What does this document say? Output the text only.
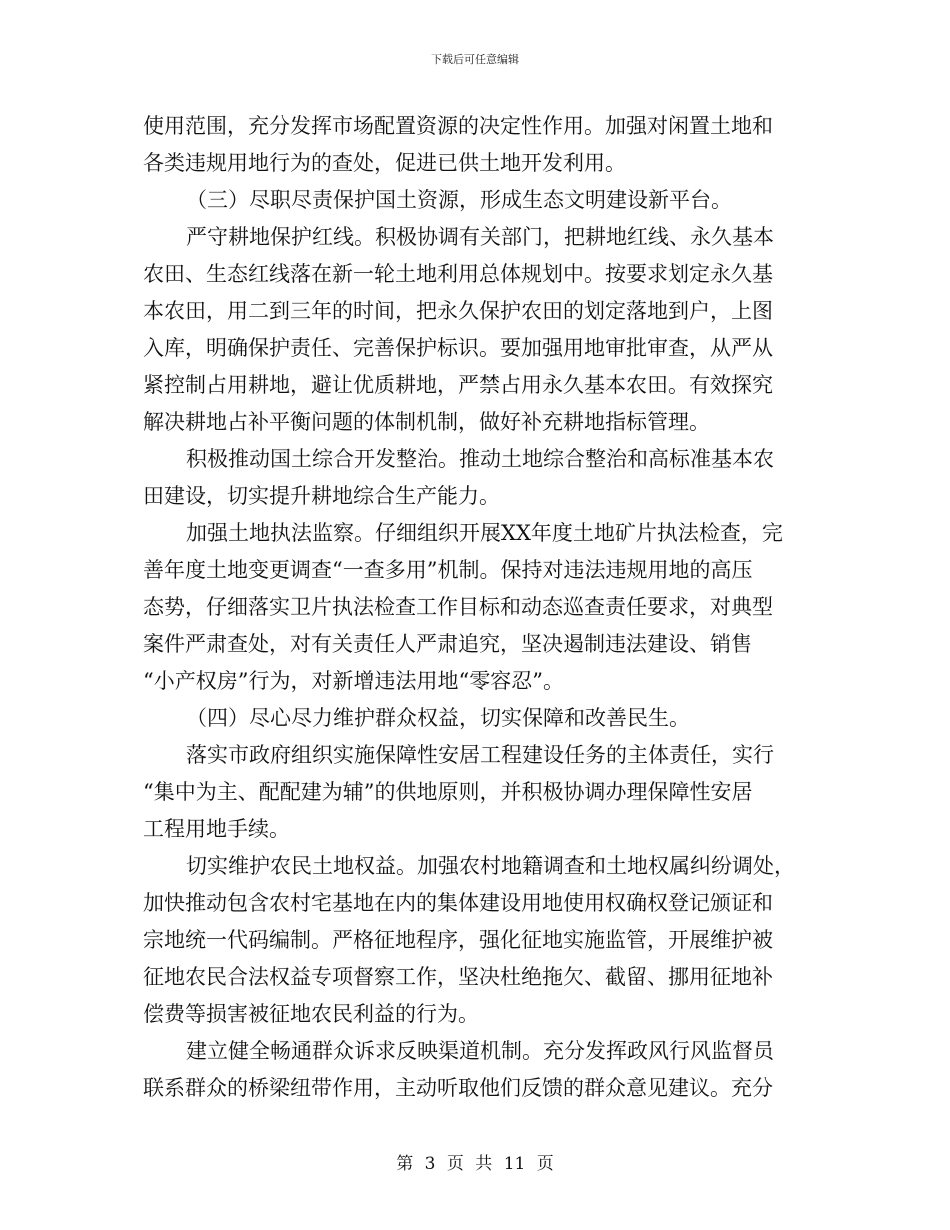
下载后可任意编辑
使用范围，充分发挥市场配置资源的决定性作用。加强对闲置土地和
各类违规用地行为的查处，促进已供土地开发利用。
（三）尽职尽责保护国土资源，形成生态文明建设新平台。
严守耕地保护红线。积极协调有关部门，把耕地红线、永久基本
农田、生态红线落在新一轮土地利用总体规划中。按要求划定永久基
本农田，用二到三年的时间，把永久保护农田的划定落地到户，上图
入库，明确保护责任、完善保护标识。要加强用地审批审查，从严从
紧控制占用耕地，避让优质耕地，严禁占用永久基本农田。有效探究
解决耕地占补平衡问题的体制机制，做好补充耕地指标管理。
积极推动国土综合开发整治。推动土地综合整治和高标准基本农
田建设，切实提升耕地综合生产能力。
加强土地执法监察。仔细组织开展XX年度土地矿片执法检查，完
善年度土地变更调查“一查多用”机制。保持对违法违规用地的高压
态势，仔细落实卫片执法检查工作目标和动态巡查责任要求，对典型
案件严肃查处，对有关责任人严肃追究，坚决遏制违法建设、销售
“小产权房”行为，对新增违法用地“零容忍”。
（四）尽心尽力维护群众权益，切实保障和改善民生。
落实市政府组织实施保障性安居工程建设任务的主体责任，实行
“集中为主、配配建为辅”的供地原则，并积极协调办理保障性安居
工程用地手续。
切实维护农民土地权益。加强农村地籍调查和土地权属纠纷调处，
加快推动包含农村宅基地在内的集体建设用地使用权确权登记颁证和
宗地统一代码编制。严格征地程序，强化征地实施监管，开展维护被
征地农民合法权益专项督察工作，坚决杜绝拖欠、截留、挪用征地补
偿费等损害被征地农民利益的行为。
建立健全畅通群众诉求反映渠道机制。充分发挥政风行风监督员
联系群众的桥梁纽带作用，主动听取他们反馈的群众意见建议。充分
第 3 页 共 11 页
